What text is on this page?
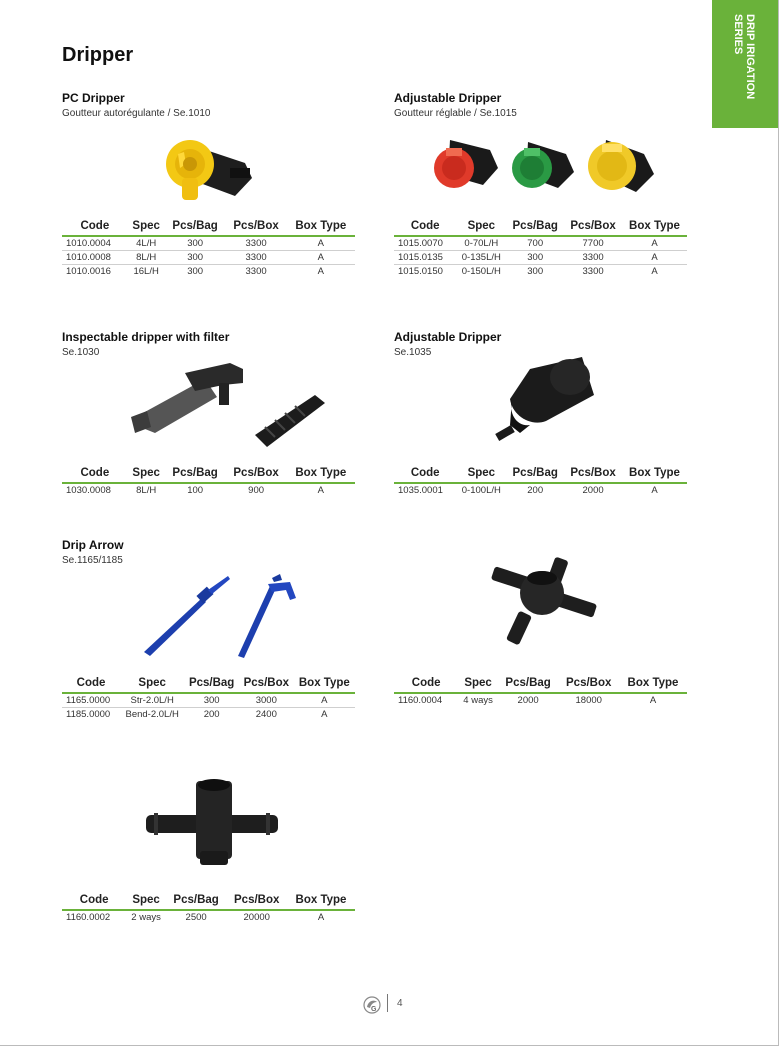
DRIP IRIGATION
SERIES
Dripper
PC Dripper
Goutteur autorégulante / Se.1010
Code	Spec	Pcs/Bag	Pcs/Box	Box Type
1010.0004	4L/H	300	3300	A
1010.0008	8L/H	300	3300	A
1010.0016	16L/H	300	3300	A
Adjustable Dripper
Goutteur réglable / Se.1015
Code	Spec	Pcs/Bag	Pcs/Box	Box Type
1015.0070	0-70L/H	700	7700	A
1015.0135	0-135L/H	300	3300	A
1015.0150	0-150L/H	300	3300	A
Inspectable dripper with filter
Se.1030
Code	Spec	Pcs/Bag	Pcs/Box	Box Type
1030.0008	8L/H	100	900	A
Adjustable Dripper
Se.1035
Code	Spec	Pcs/Bag	Pcs/Box	Box Type
1035.0001	0-100L/H	200	2000	A
Drip Arrow
Se.1165/1185
Code	Spec	Pcs/Bag	Pcs/Box	Box Type
1165.0000	Str-2.0L/H	300	3000	A
1185.0000	Bend-2.0L/H	200	2400	A
Code	Spec	Pcs/Bag	Pcs/Box	Box Type
1160.0004	4 ways	2000	18000	A
Code	Spec	Pcs/Bag	Pcs/Box	Box Type
1160.0002	2 ways	2500	20000	A
G
4
